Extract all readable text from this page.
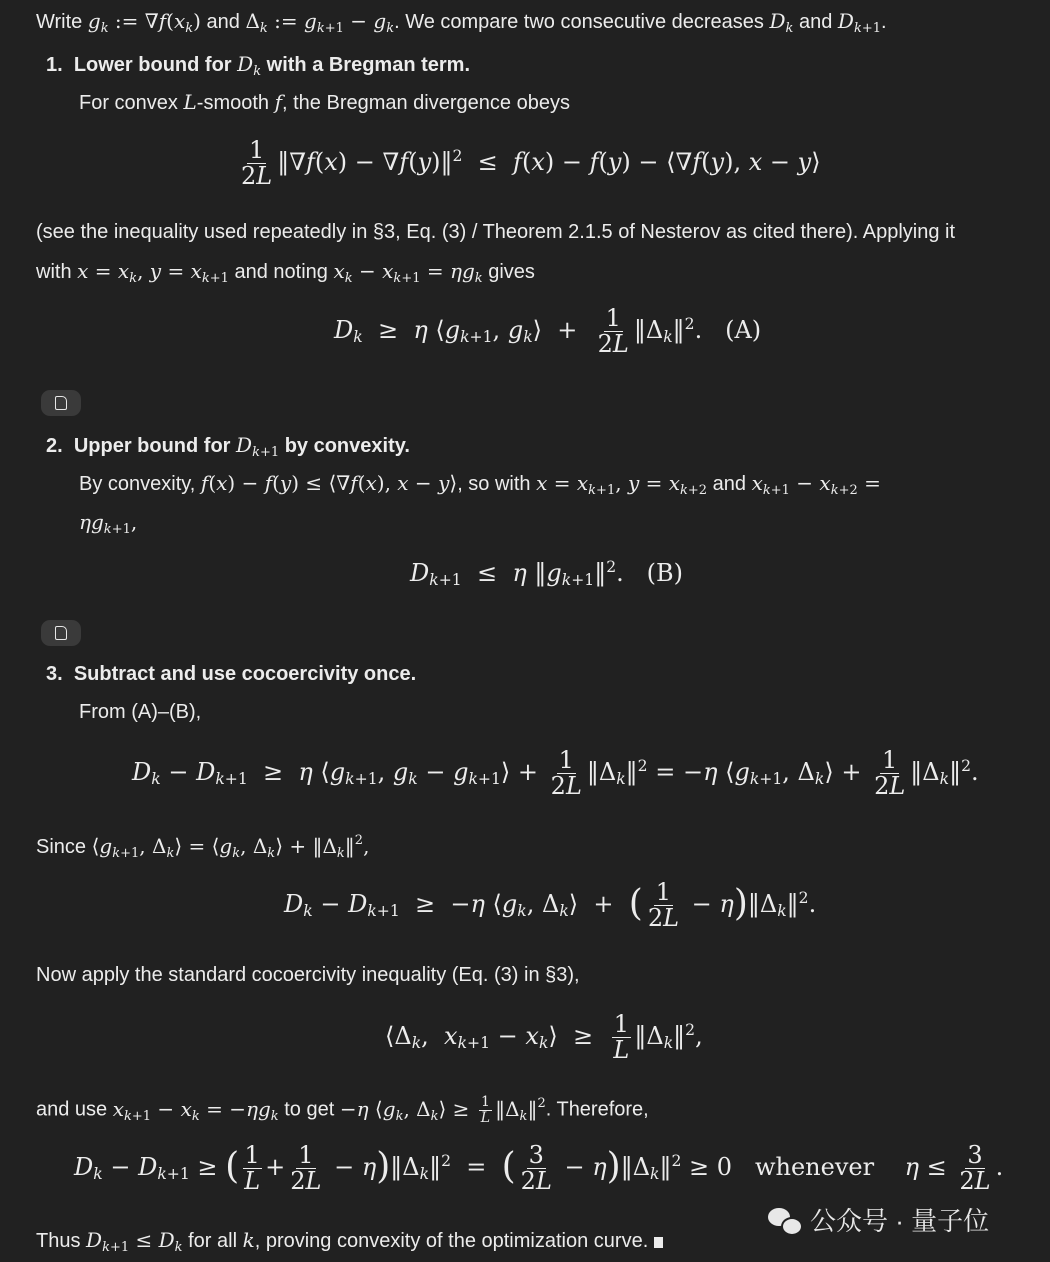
Write $g_k$ := $\nabla f(x_k)$ and $\Delta_k$ := $g_{k+1} - g_k$. We compare two consecutive decreases $D_k$ and $D_{k+1}$.
1. Lower bound for $D_k$ with a Bregman term.
For convex L-smooth f, the Bregman divergence obeys
$\frac{1}{2L}$ ‖∇f(x) − ∇f(y)‖$^2$  ≤  f(x) − f(y) − ⟨∇f(y), x − y⟩
(see the inequality used repeatedly in §3, Eq. (3) / Theorem 2.1.5 of Nesterov as cited there). Applying it
with $x = x_k$, $y = x_{k+1}$ and noting $x_k - x_{k+1} = \eta g_k$ gives
$D_k \ge \eta$ $⟨g_{k+1}$, $g_k⟩ + \frac{1}{2L}$ $‖\Delta_k‖^2$.   (A)
2. Upper bound for $D_{k+1}$ by convexity.
By convexity, f(x) − f(y) ≤ ⟨∇f(x), x − y⟩, so with $x = x_{k+1}$, $y = x_{k+2}$ and $x_{k+1} - x_{k+2}$ =
$\eta g_{k+1}$,
$D_{k+1} \le \eta$ $‖g_{k+1}‖^2$.   (B)
3. Subtract and use cocoercivity once.
From (A)–(B),
$D_k - D_{k+1} \ge \eta$ $⟨g_{k+1}$, $g_k$ − $g_{k+1}⟩ + \frac{1}{2L}$ $‖\Delta_k‖^2 = -\eta$ $⟨g_{k+1}$, $\Delta_k⟩ + \frac{1}{2L}$ $‖\Delta_k‖^2$.
Since $⟨g_{k+1}$, $\Delta_k⟩$ = $⟨g_k$, $\Delta_k⟩$ + $‖\Delta_k‖^2$,
$D_k - D_{k+1} \ge -\eta$ $⟨g_k$, $\Delta_k⟩$  +  ( $\frac{1}{2L}$ − $\eta)‖\Delta_k‖^2$.
Now apply the standard cocoercivity inequality (Eq. (3) in §3),
$⟨\Delta_k$,  $x_{k+1}$ − $x_k⟩ \ge \frac{1}{L}$ $‖\Delta_k‖^2$,
and use $x_{k+1} - x_k = -\eta g_k$ to get −η $⟨g_k$, $\Delta_k⟩ \ge \frac{1}{L}$ $‖\Delta_k‖^2$. Therefore,
$D_k - D_{k+1}$ ≥ ( $\frac{1}{L} + \frac{1}{2L}$ − $\eta)‖\Delta_k‖^2$  =  ( $\frac{3}{2L}$ − $\eta)‖\Delta_k‖^2 \ge 0$   whenever $\eta \le \frac{3}{2L}$ .
Thus $D_{k+1} \le D_k$ for all k, proving convexity of the optimization curve.
公众号 · 量子位
